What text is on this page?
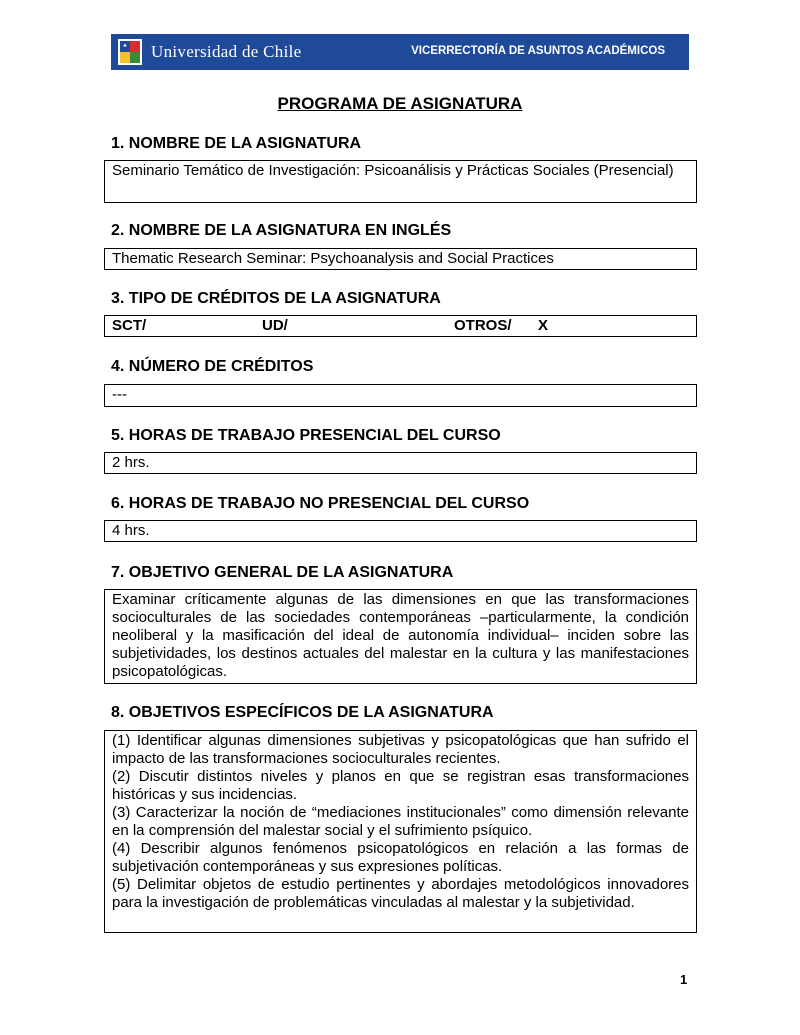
Universidad de Chile	VICERRECTORÍA DE ASUNTOS ACADÉMICOS
PROGRAMA DE ASIGNATURA
1. NOMBRE DE LA ASIGNATURA

Seminario Temático de Investigación: Psicoanálisis y Prácticas Sociales (Presencial)

2. NOMBRE DE LA ASIGNATURA EN INGLÉS

Thematic Research Seminar: Psychoanalysis and Social Practices

3. TIPO DE CRÉDITOS DE LA ASIGNATURA
SCT/	UD/	OTROS/	X
4. NÚMERO DE CRÉDITOS

---

5. HORAS DE TRABAJO PRESENCIAL DEL CURSO

2 hrs.

6. HORAS DE TRABAJO NO PRESENCIAL DEL CURSO

4 hrs.

7. OBJETIVO GENERAL DE LA ASIGNATURA

Examinar críticamente algunas de las dimensiones en que las transformaciones socioculturales de las sociedades contemporáneas –particularmente, la condición neoliberal y la masificación del ideal de autonomía individual– inciden sobre las subjetividades, los destinos actuales del malestar en la cultura y las manifestaciones psicopatológicas.

8. OBJETIVOS ESPECÍFICOS DE LA ASIGNATURA

(1) Identificar algunas dimensiones subjetivas y psicopatológicas que han sufrido el impacto de las transformaciones socioculturales recientes.

(2) Discutir distintos niveles y planos en que se registran esas transformaciones históricas y sus incidencias.

(3) Caracterizar la noción de “mediaciones institucionales” como dimensión relevante en la comprensión del malestar social y el sufrimiento psíquico.

(4) Describir algunos fenómenos psicopatológicos en relación a las formas de subjetivación contemporáneas y sus expresiones políticas.

(5) Delimitar objetos de estudio pertinentes y abordajes metodológicos innovadores para la investigación de problemáticas vinculadas al malestar y la subjetividad.

1
